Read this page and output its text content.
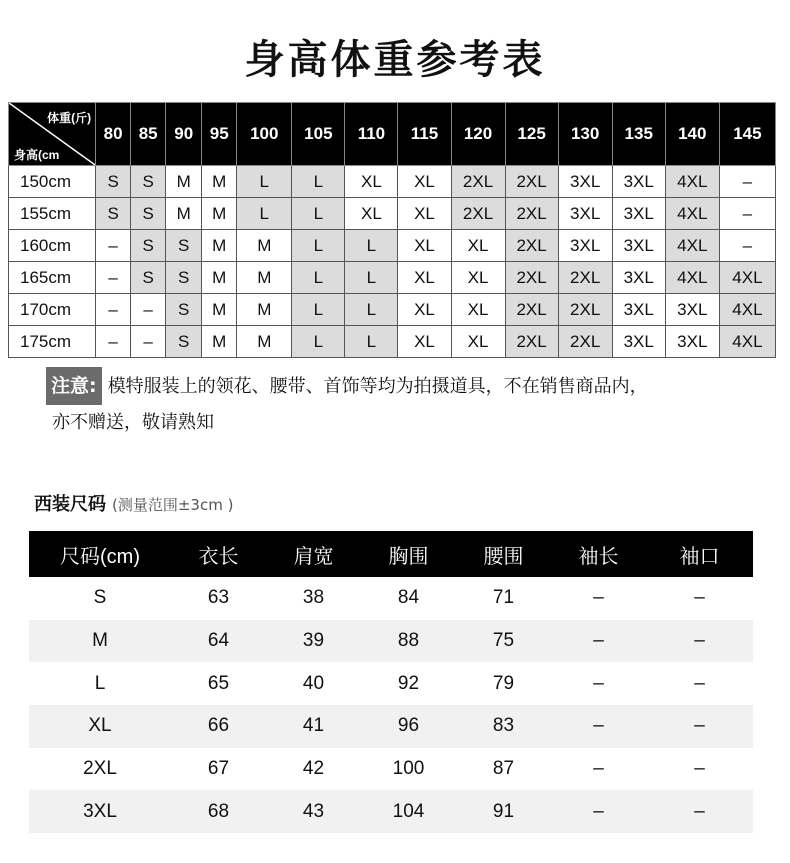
身高体重参考表
体重(斤)
身高(cm	80	85	90	95	100	105	110	115	120	125	130	135	140	145
150cm	S	S	M	M	L	L	XL	XL	2XL	2XL	3XL	3XL	4XL	–
155cm	S	S	M	M	L	L	XL	XL	2XL	2XL	3XL	3XL	4XL	–
160cm	–	S	S	M	M	L	L	XL	XL	2XL	3XL	3XL	4XL	–
165cm	–	S	S	M	M	L	L	XL	XL	2XL	2XL	3XL	4XL	4XL
170cm	–	–	S	M	M	L	L	XL	XL	2XL	2XL	3XL	3XL	4XL
175cm	–	–	S	M	M	L	L	XL	XL	2XL	2XL	3XL	3XL	4XL

注意: 模特服装上的领花、腰带、首饰等均为拍摄道具，不在销售商品内，

亦不赠送，敬请熟知

西装尺码 (测量范围±3cm )
尺码(cm)	衣长	肩宽	胸围	腰围	袖长	袖口
S	63	38	84	71	–	–
M	64	39	88	75	–	–
L	65	40	92	79	–	–
XL	66	41	96	83	–	–
2XL	67	42	100	87	–	–
3XL	68	43	104	91	–	–
